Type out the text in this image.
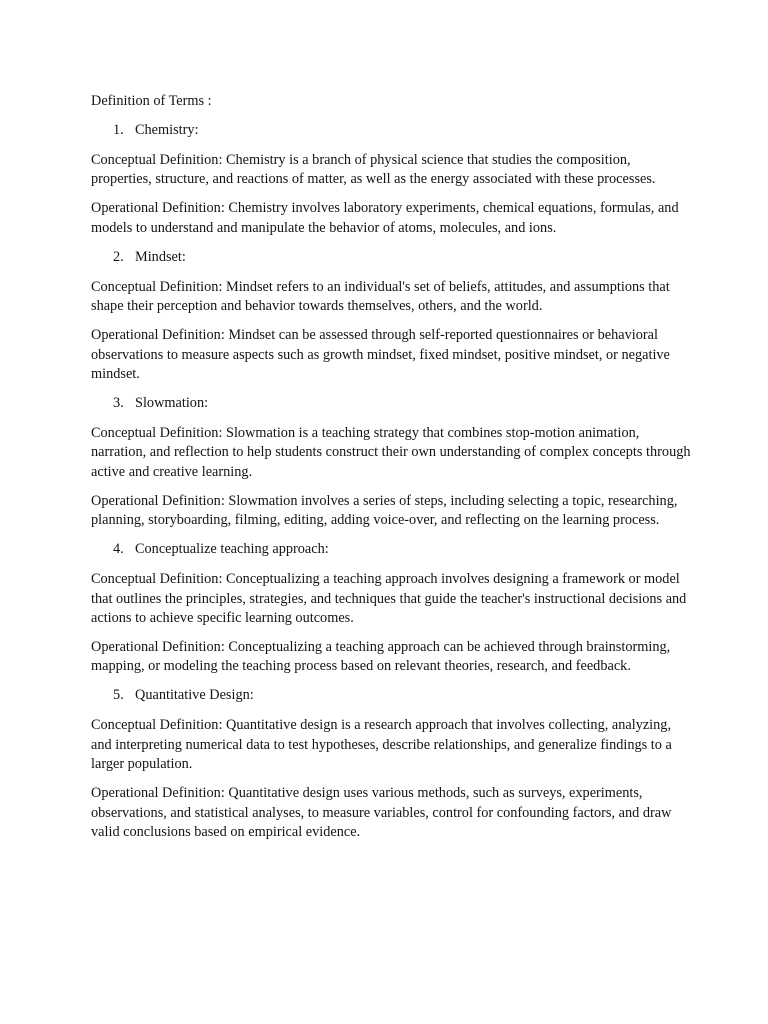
Definition of Terms :
1. Chemistry:

Conceptual Definition: Chemistry is a branch of physical science that studies the composition, properties, structure, and reactions of matter, as well as the energy associated with these processes.

Operational Definition: Chemistry involves laboratory experiments, chemical equations, formulas, and models to understand and manipulate the behavior of atoms, molecules, and ions.

2. Mindset:

Conceptual Definition: Mindset refers to an individual's set of beliefs, attitudes, and assumptions that shape their perception and behavior towards themselves, others, and the world.

Operational Definition: Mindset can be assessed through self-reported questionnaires or behavioral observations to measure aspects such as growth mindset, fixed mindset, positive mindset, or negative mindset.

3. Slowmation:

Conceptual Definition: Slowmation is a teaching strategy that combines stop-motion animation, narration, and reflection to help students construct their own understanding of complex concepts through active and creative learning.

Operational Definition: Slowmation involves a series of steps, including selecting a topic, researching, planning, storyboarding, filming, editing, adding voice-over, and reflecting on the learning process.

4. Conceptualize teaching approach:

Conceptual Definition: Conceptualizing a teaching approach involves designing a framework or model that outlines the principles, strategies, and techniques that guide the teacher's instructional decisions and actions to achieve specific learning outcomes.

Operational Definition: Conceptualizing a teaching approach can be achieved through brainstorming, mapping, or modeling the teaching process based on relevant theories, research, and feedback.

5. Quantitative Design:

Conceptual Definition: Quantitative design is a research approach that involves collecting, analyzing, and interpreting numerical data to test hypotheses, describe relationships, and generalize findings to a larger population.

Operational Definition: Quantitative design uses various methods, such as surveys, experiments, observations, and statistical analyses, to measure variables, control for confounding factors, and draw valid conclusions based on empirical evidence.
